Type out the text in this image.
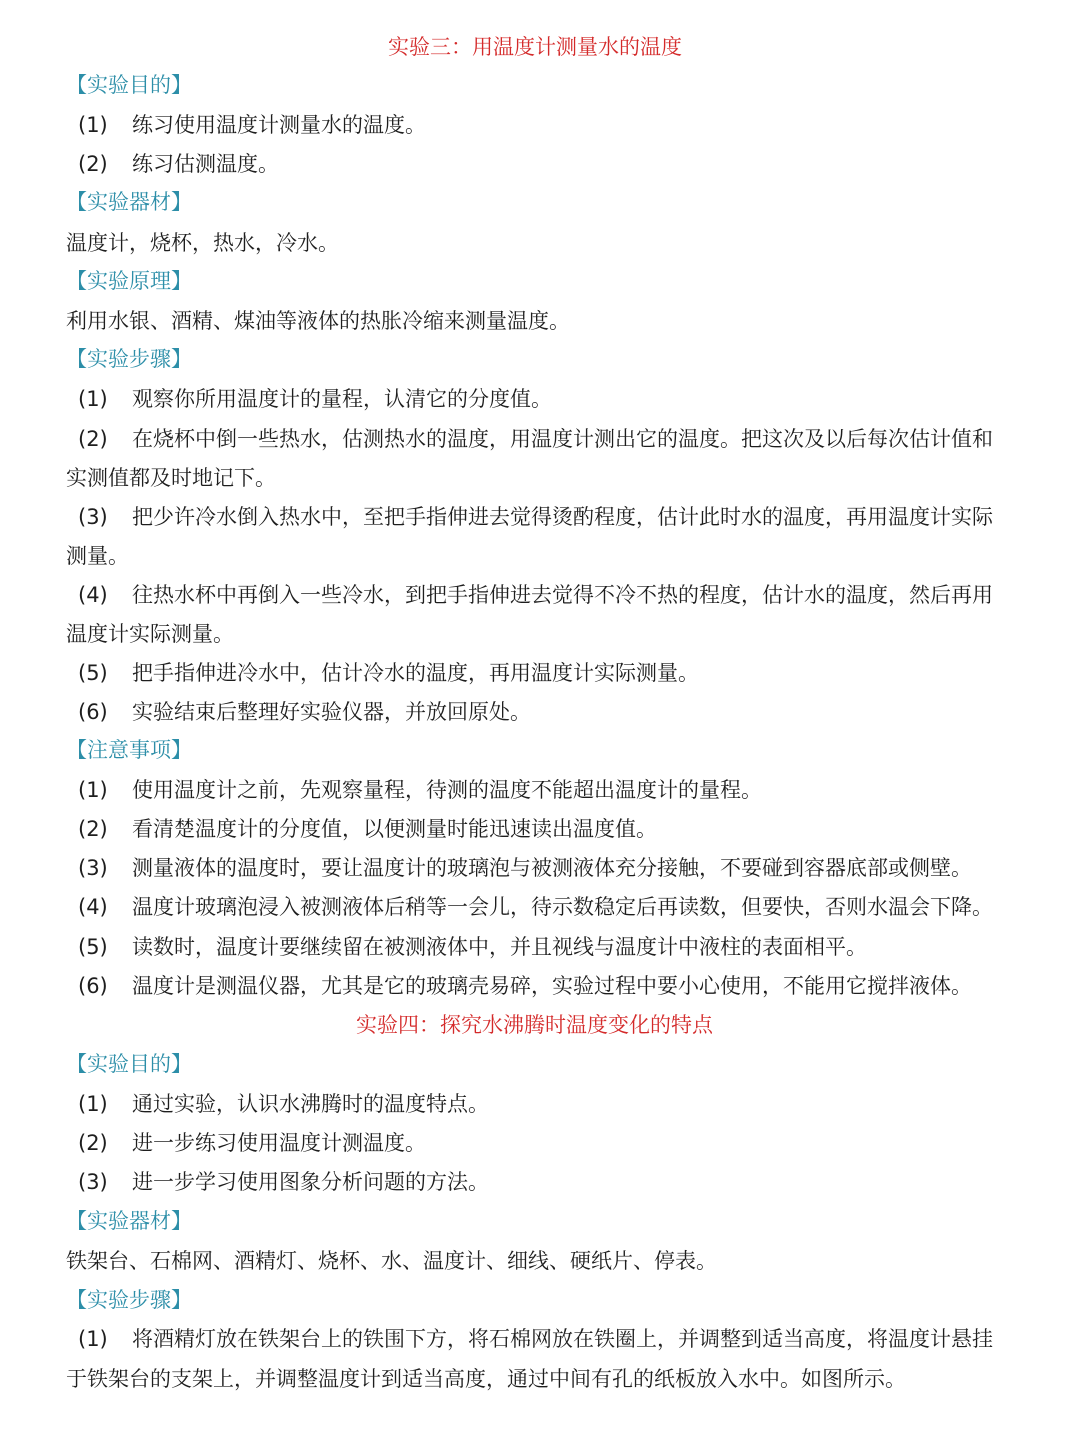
实验三：用温度计测量水的温度
【实验目的】
(1) 练习使用温度计测量水的温度。
(2) 练习估测温度。
【实验器材】
温度计，烧杯，热水，冷水。
【实验原理】
利用水银、酒精、煤油等液体的热胀冷缩来测量温度。
【实验步骤】
(1) 观察你所用温度计的量程，认清它的分度值。
(2) 在烧杯中倒一些热水，估测热水的温度，用温度计测出它的温度。把这次及以后每次估计值和
实测值都及时地记下。
(3) 把少许冷水倒入热水中，至把手指伸进去觉得烫酌程度，估计此时水的温度，再用温度计实际
测量。
(4) 往热水杯中再倒入一些冷水，到把手指伸进去觉得不冷不热的程度，估计水的温度，然后再用
温度计实际测量。
(5) 把手指伸进冷水中，估计冷水的温度，再用温度计实际测量。
(6) 实验结束后整理好实验仪器，并放回原处。
【注意事项】
(1) 使用温度计之前，先观察量程，待测的温度不能超出温度计的量程。
(2) 看清楚温度计的分度值，以便测量时能迅速读出温度值。
(3) 测量液体的温度时，要让温度计的玻璃泡与被测液体充分接触，不要碰到容器底部或侧壁。
(4) 温度计玻璃泡浸入被测液体后稍等一会儿，待示数稳定后再读数，但要快，否则水温会下降。
(5) 读数时，温度计要继续留在被测液体中，并且视线与温度计中液柱的表面相平。
(6) 温度计是测温仪器，尤其是它的玻璃壳易碎，实验过程中要小心使用，不能用它搅拌液体。
实验四：探究水沸腾时温度变化的特点
【实验目的】
(1) 通过实验，认识水沸腾时的温度特点。
(2) 进一步练习使用温度计测温度。
(3) 进一步学习使用图象分析问题的方法。
【实验器材】
铁架台、石棉网、酒精灯、烧杯、水、温度计、细线、硬纸片、停表。
【实验步骤】
(1) 将酒精灯放在铁架台上的铁围下方，将石棉网放在铁圈上，并调整到适当高度，将温度计悬挂
于铁架台的支架上，并调整温度计到适当高度，通过中间有孔的纸板放入水中。如图所示。
